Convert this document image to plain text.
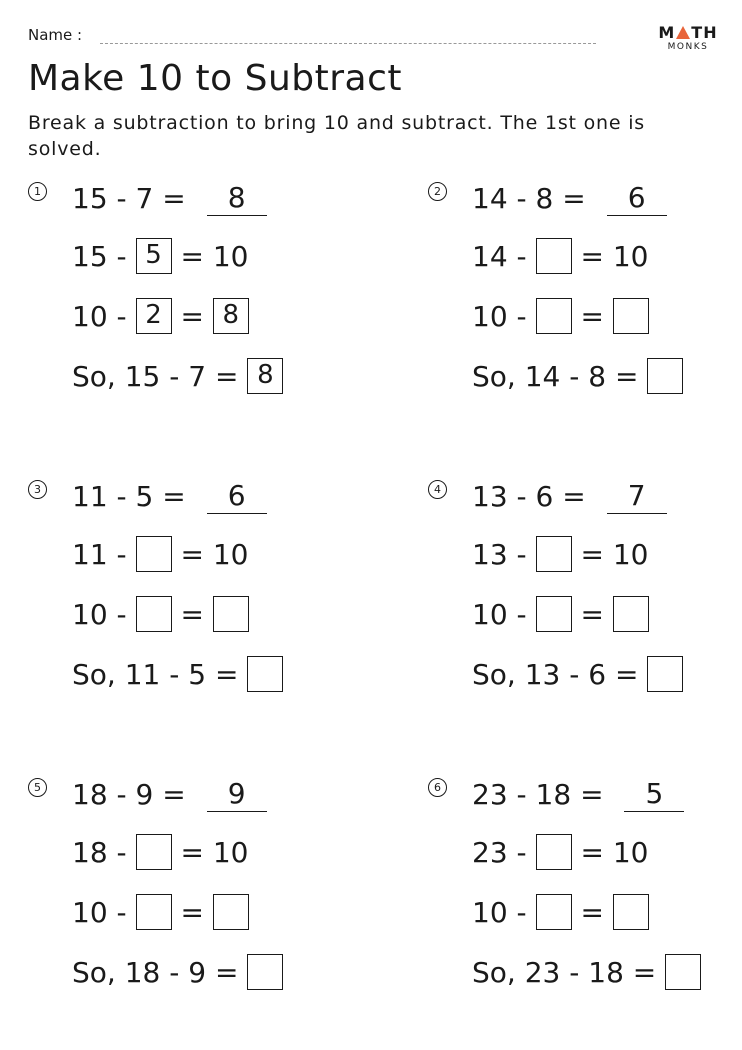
Name :	M TH
MONKS
Make 10 to Subtract
Break a subtraction to bring 10 and subtract. The 1st one is solved.
1 15 - 7 =	8
15 - 5 = 10
10 - 2 = 8
So, 15 - 7 = 8
2 14 - 8 =	6
14 - = 10
10 - =
So, 14 - 8 =
3 11 - 5 =	6
11 - = 10
10 - =
So, 11 - 5 =
4 13 - 6 =	7
13 - = 10
10 - =
So, 13 - 6 =
5 18 - 9 =	9
18 - = 10
10 - =
So, 18 - 9 =
6 23 - 18 =	5
23 - = 10
10 - =
So, 23 - 18 =
